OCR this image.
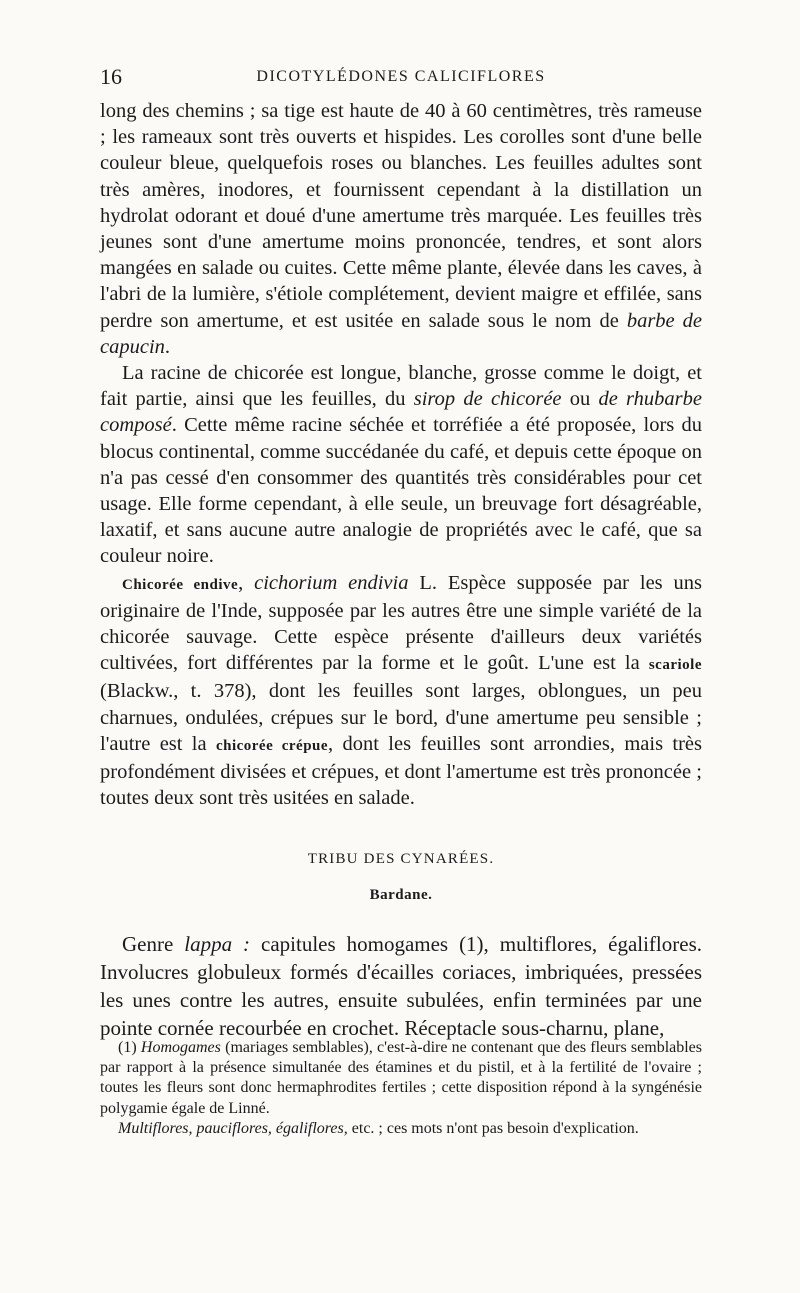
16	DICOTYLÉDONES CALICIFLORES

long des chemins ; sa tige est haute de 40 à 60 centimètres, très rameuse ; les rameaux sont très ouverts et hispides. Les corolles sont d'une belle couleur bleue, quelquefois roses ou blanches. Les feuilles adultes sont très amères, inodores, et fournissent cependant à la distillation un hydrolat odorant et doué d'une amertume très marquée. Les feuilles très jeunes sont d'une amertume moins prononcée, tendres, et sont alors mangées en salade ou cuites. Cette même plante, élevée dans les caves, à l'abri de la lumière, s'étiole complétement, devient maigre et effilée, sans perdre son amertume, et est usitée en salade sous le nom de barbe de capucin.

La racine de chicorée est longue, blanche, grosse comme le doigt, et fait partie, ainsi que les feuilles, du sirop de chicorée ou de rhubarbe composé. Cette même racine séchée et torréfiée a été proposée, lors du blocus continental, comme succédanée du café, et depuis cette époque on n'a pas cessé d'en consommer des quantités très considérables pour cet usage. Elle forme cependant, à elle seule, un breuvage fort désagréable, laxatif, et sans aucune autre analogie de propriétés avec le café, que sa couleur noire.

Chicorée endive, cichorium endivia L. Espèce supposée par les uns originaire de l'Inde, supposée par les autres être une simple variété de la chicorée sauvage. Cette espèce présente d'ailleurs deux variétés cultivées, fort différentes par la forme et le goût. L'une est la scariole (Blackw., t. 378), dont les feuilles sont larges, oblongues, un peu charnues, ondulées, crépues sur le bord, d'une amertume peu sensible ; l'autre est la chicorée crépue, dont les feuilles sont arrondies, mais très profondément divisées et crépues, et dont l'amertume est très prononcée ; toutes deux sont très usitées en salade.

TRIBU DES CYNARÉES.
Bardane.

Genre lappa : capitules homogames (1), multiflores, égaliflores. Involucres globuleux formés d'écailles coriaces, imbriquées, pressées les unes contre les autres, ensuite subulées, enfin terminées par une pointe cornée recourbée en crochet. Réceptacle sous-charnu, plane,

(1) Homogames (mariages semblables), c'est-à-dire ne contenant que des fleurs semblables par rapport à la présence simultanée des étamines et du pistil, et à la fertilité de l'ovaire ; toutes les fleurs sont donc hermaphrodites fertiles ; cette disposition répond à la syngénésie polygamie égale de Linné.

Multiflores, pauciflores, égaliflores, etc. ; ces mots n'ont pas besoin d'explication.
